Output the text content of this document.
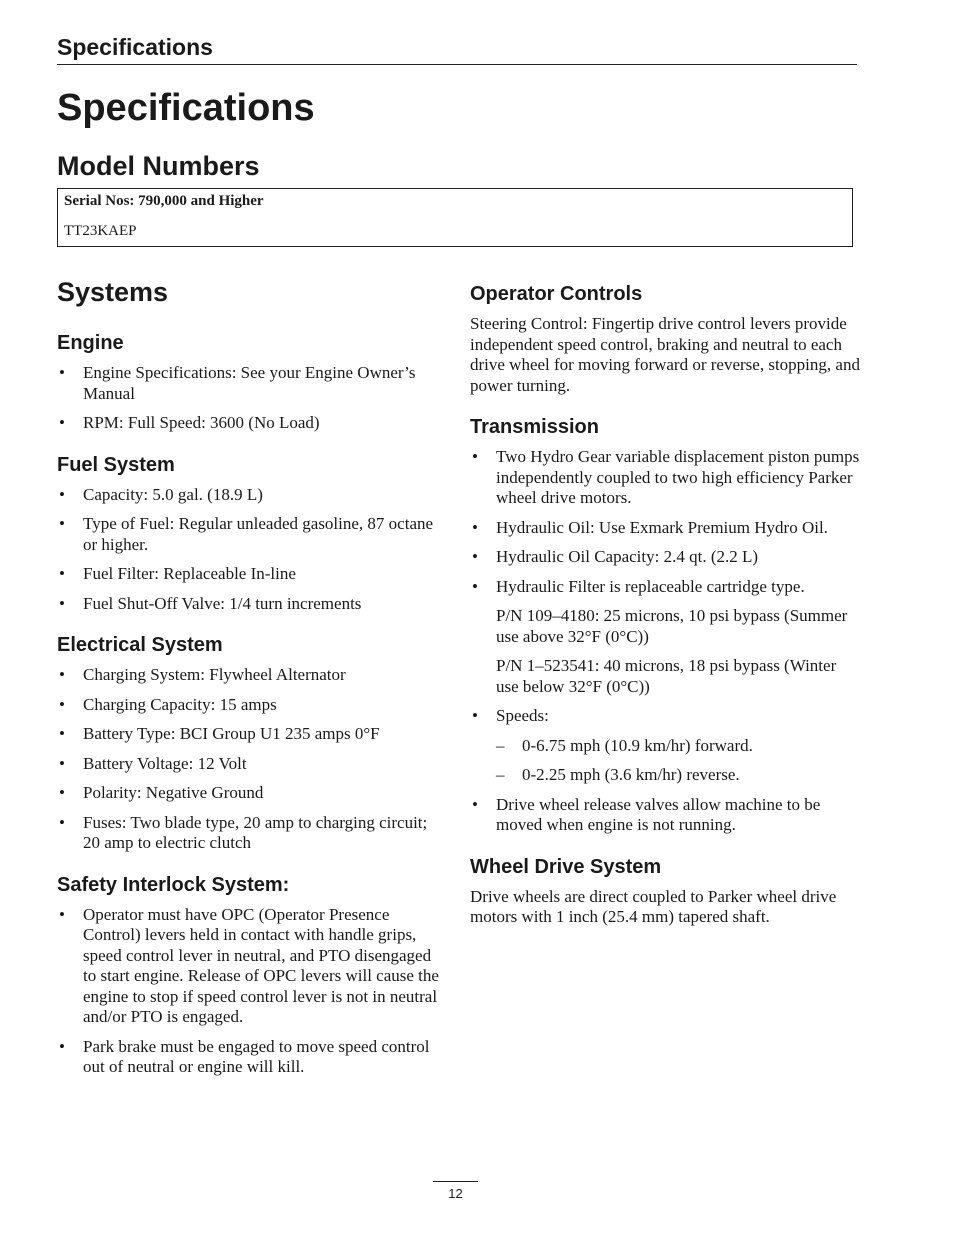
Specifications
Specifications
Model Numbers
Serial Nos: 790,000 and Higher
TT23KAEP
Systems
Engine
• Engine Specifications: See your Engine Owner’s Manual
• RPM: Full Speed: 3600 (No Load)
Fuel System
• Capacity: 5.0 gal. (18.9 L)
• Type of Fuel: Regular unleaded gasoline, 87 octane or higher.
• Fuel Filter: Replaceable In-line
• Fuel Shut-Off Valve: 1/4 turn increments
Electrical System
• Charging System: Flywheel Alternator
• Charging Capacity: 15 amps
• Battery Type: BCI Group U1 235 amps 0°F
• Battery Voltage: 12 Volt
• Polarity: Negative Ground
• Fuses: Two blade type, 20 amp to charging circuit; 20 amp to electric clutch
Safety Interlock System:
• Operator must have OPC (Operator Presence Control) levers held in contact with handle grips, speed control lever in neutral, and PTO disengaged to start engine. Release of OPC levers will cause the engine to stop if speed control lever is not in neutral and/or PTO is engaged.
• Park brake must be engaged to move speed control out of neutral or engine will kill.
Operator Controls

Steering Control: Fingertip drive control levers provide independent speed control, braking and neutral to each drive wheel for moving forward or reverse, stopping, and power turning.

Transmission
• Two Hydro Gear variable displacement piston pumps independently coupled to two high efficiency Parker wheel drive motors.
• Hydraulic Oil: Use Exmark Premium Hydro Oil.
• Hydraulic Oil Capacity: 2.4 qt. (2.2 L)
• Hydraulic Filter is replaceable cartridge type.

P/N 109–4180: 25 microns, 10 psi bypass (Summer use above 32°F (0°C))

P/N 1–523541: 40 microns, 18 psi bypass (Winter use below 32°F (0°C))

• Speeds:
– 0-6.75 mph (10.9 km/hr) forward.
– 0-2.25 mph (3.6 km/hr) reverse.
• Drive wheel release valves allow machine to be moved when engine is not running.
Wheel Drive System

Drive wheels are direct coupled to Parker wheel drive motors with 1 inch (25.4 mm) tapered shaft.

12
